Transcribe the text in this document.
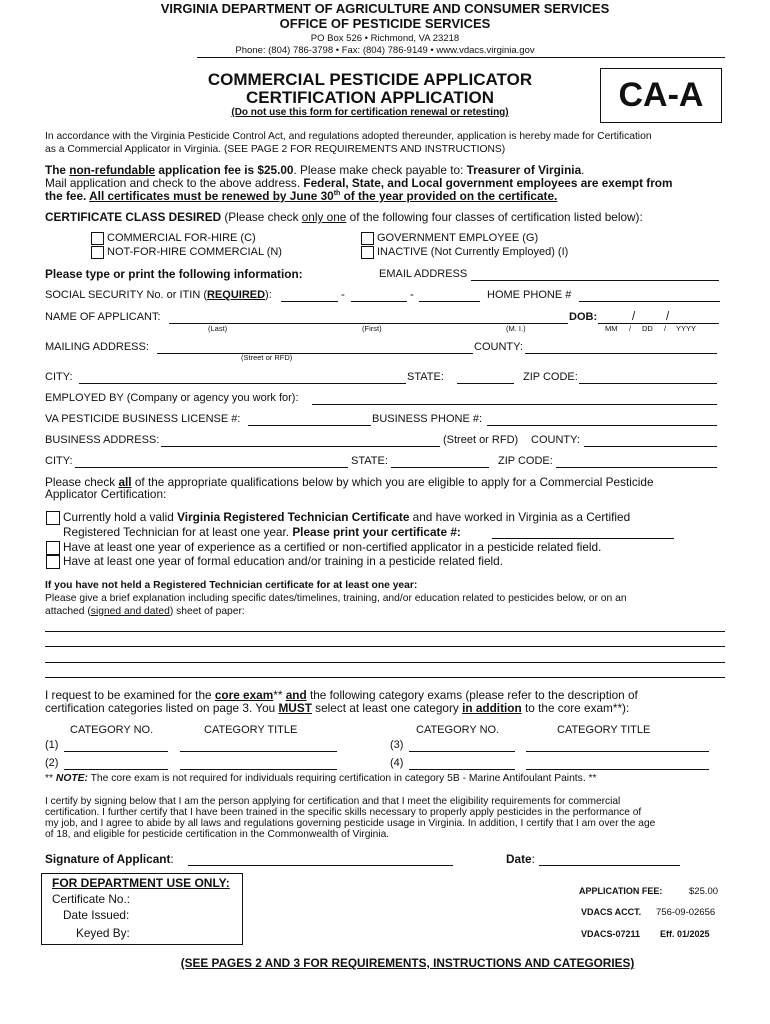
VIRGINIA DEPARTMENT OF AGRICULTURE AND CONSUMER SERVICES
OFFICE OF PESTICIDE SERVICES
PO Box 526 • Richmond, VA 23218
Phone: (804) 786-3798 • Fax: (804) 786-9149 • www.vdacs.virginia.gov
COMMERCIAL PESTICIDE APPLICATOR
CERTIFICATION APPLICATION
(Do not use this form for certification renewal or retesting)	CA-A
In accordance with the Virginia Pesticide Control Act, and regulations adopted thereunder, application is hereby made for Certification
as a Commercial Applicator in Virginia. (SEE PAGE 2 FOR REQUIREMENTS AND INSTRUCTIONS)
The non-refundable application fee is $25.00. Please make check payable to: Treasurer of Virginia.
Mail application and check to the above address. Federal, State, and Local government employees are exempt from
the fee. All certificates must be renewed by June 30th of the year provided on the certificate.
CERTIFICATE CLASS DESIRED (Please check only one of the following four classes of certification listed below):
COMMERCIAL FOR-HIRE (C)
NOT-FOR-HIRE COMMERCIAL (N)
GOVERNMENT EMPLOYEE (G)
INACTIVE (Not Currently Employed) (I)
Please type or print the following information:	EMAIL ADDRESS
SOCIAL SECURITY No. or ITIN (REQUIRED):	-	-	HOME PHONE #
NAME OF APPLICANT:	DOB:	/	/
(Last)	(First)	(M. I.)	MM / DD / YYYY
MAILING ADDRESS:	COUNTY:
(Street or RFD)
CITY:	STATE:	ZIP CODE:
EMPLOYED BY (Company or agency you work for):
VA PESTICIDE BUSINESS LICENSE #:	BUSINESS PHONE #:
BUSINESS ADDRESS:	(Street or RFD) COUNTY:
CITY:	STATE:	ZIP CODE:
Please check all of the appropriate qualifications below by which you are eligible to apply for a Commercial Pesticide
Applicator Certification:
Currently hold a valid Virginia Registered Technician Certificate and have worked in Virginia as a Certified
Registered Technician for at least one year. Please print your certificate #:
Have at least one year of experience as a certified or non-certified applicator in a pesticide related field.
Have at least one year of formal education and/or training in a pesticide related field.
If you have not held a Registered Technician certificate for at least one year:
Please give a brief explanation including specific dates/timelines, training, and/or education related to pesticides below, or on an
attached (signed and dated) sheet of paper:
I request to be examined for the core exam** and the following category exams (please refer to the description of
certification categories listed on page 3. You MUST select at least one category in addition to the core exam**):
CATEGORY NO.	CATEGORY TITLE	CATEGORY NO.	CATEGORY TITLE
(1)	(3)
(2)	(4)
** NOTE: The core exam is not required for individuals requiring certification in category 5B - Marine Antifoulant Paints. **
I certify by signing below that I am the person applying for certification and that I meet the eligibility requirements for commercial
certification. I further certify that I have been trained in the specific skills necessary to properly apply pesticides in the performance of
my job, and I agree to abide by all laws and regulations governing pesticide usage in Virginia. In addition, I certify that I am over the age
of 18, and eligible for pesticide certification in the Commonwealth of Virginia.
Signature of Applicant:	Date:
FOR DEPARTMENT USE ONLY:
Certificate No.:
Date Issued:
Keyed By:
APPLICATION FEE:	$25.00
VDACS ACCT. 756-09-02656
VDACS-07211 Eff. 01/2025
(SEE PAGES 2 AND 3 FOR REQUIREMENTS, INSTRUCTIONS AND CATEGORIES)
